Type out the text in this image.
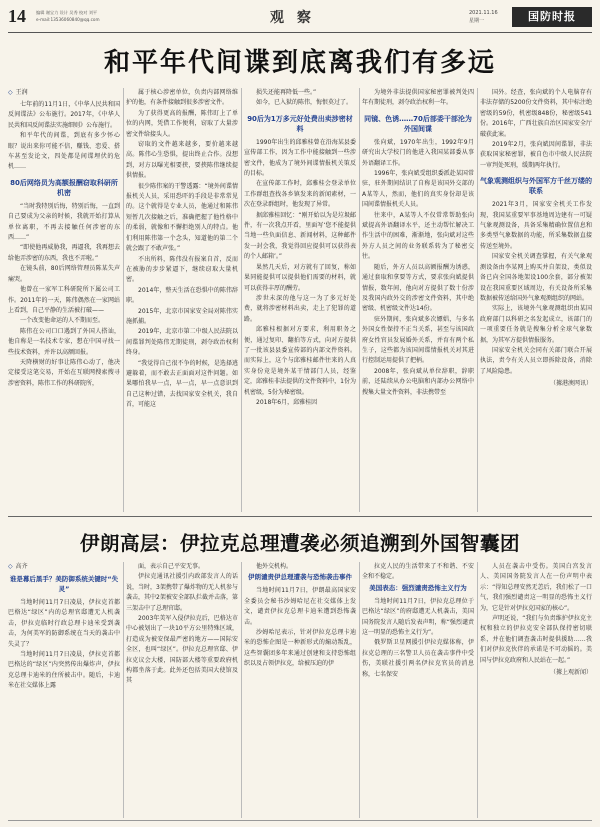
14 编辑 谢宝力 设计 吴秀 校对 刘平
e-mail:13536060840@qq.com	观 察	2021.11.16
星期一	国防时报
和平年代间谍到底离我们有多远
◇ 王润
七年前的11月1日，《中华人民共和国反间谍法》公布施行。2017年，《中华人民共和国反间谍法实施细则》公布施行。
和平年代的间谍，到底有多少怀心眼？说出来你可能不信，赚钱、恋爱、搭车甚至发论文，四处都是间谍埋伏的危机……
80后网络员为高额报酬窃取科研所机密
“当时我特别后悔，特别后悔，一直到自己要成为父亲的时候，我就开始打算从单位离职，不再去接触任何涉密的东西……”
“即使他再威胁我，再逼我，我再想去给他弄涉密的东西，我也不弄啦。”
在镜头前，80后网络管理员陈某失声痛哭。
他曾在一家军工科研院所下属公司工作。2011年的一天，陈伟偶然在一家网站上看到，自己平静的生活被打破——
一个改变他命运的人不期而至。
陈伟在公司口口遇到了外国人搭讪，他自称是一名技术专家，想在中国寻找一些技术资料，并许以高额回报。
天降横财的好事让陈伟心动了，他决定接受这笔交易，开始在互联网搜索搜寻涉密资料，陈伟工作的科研院所，
属于核心涉密单位，负责内部网络维护的他，有条件接触到很多涉密文件。
为了获得更高的报酬，陈伟盯上了单位的内网，凭借工作便利，窃取了大量涉密文件给接头人。
窃取的文件越来越多，要价越来越高。陈伟心生恐惧，提出终止合作。没想到，对方以曝光相要挟，要挟陈伟继续提供情报。
很少陈伟案的干警透露：“境外间谍情报机关人员，采用恐吓的手段是非常常见的。这个就得是专业人员，他通过和陈伟短暂几次接触之后，准确把握了他性格中的柔弱，就像和不懈拒绝别人的特点。他们利用陈伟第一个念头，知道他的第二个就会跟了不敢声张。”
不出所料，陈伟没有报案自首，反而在被胁的步步紧逼下，继续窃取大量机密。
2014年，整天生活在恐惧中的陈伟辞职。
2015年，北京市国家安全局对陈伟实施抓捕。
2019年，北京市第二中级人民法院以间谍罪判处陈伟无期徒刑，剥夺政治权利终身。
“我觉得自己很不争的时候，是选择逃避躲着，而不敢去正面面对这件问题。如果哪怕我早一点，早一点，早一点意识到自己这种过错，去找国家安全机关，我自首，可能这
损失还能再降低一些。”
如今，已入狱的陈伟，悔恨莫过了。
90后为1万多元好处费出卖涉密材料
1990年出生的邱雅桂曾在沿海某县委宣传部工作，因为工作中能接触到一些涉密文件，他成为了境外间谍情报机关策反的目标。
在宣传部工作时，邱雅桂会登录单位工作群组查找各乡镇发来的新闻素材，一次在登录群组时，他发现了异常。
据邱雅桂回忆：“刚开始以为是垃圾邮件，有一次我点开看，里面写‘您不能提供当地一些负面信息、新闻材料，这种邮件发一封会我，我觉得回应提供可以获得表的个人邮箱’。”
果然几天后，对方就有了回复，称如果同能提供可以提供他们需要的材料，就可以获得丰厚的酬劳。
涉世未深的他与这一为了多元好处费，就将涉密材料出卖，走上了犯罪的道路。
邱雅桂根据对方要求，利用职务之便，通过复印、翻拍等方式，向对方提供了一批该县县委宣传部的内部文件资料。而实际上，这个与邱雅桂邮件往来的人真实身份竟是境外某干情部门人员，经鉴定，邱雅桂非法提供的文件资料中，1份为机密级，5份为秘密级。
2018年6月，邱雅桂因
为境外非法提供国家秘密罪被判处四年有期徒刑，剥夺政治权利一年。
同镜、色诱……70后部委干部沦为外国间谍
张向斌，1970年出生，1992年9月研究出大学校门的他进入我国某部委从事外语翻译工作。
1996年，张向斌受组织委派赴某国常驻，驻外期间结识了自称是该国外交部的A某等人，然而，他们的真实身份却是该国间谍情报机关人员。
往来中，A某等人不仅常常帮助张向斌提高外语翻译水平，还主动帮忙解决工作生活中的困难，渐渐地，张向斌对这些外方人员之间的业务联系转为了秘密交往。
随后，外方人员以高额报酬为诱惑，通过套取和拿要等方式，要求张向斌提供情报，数年间，他向对方提供了数十份涉及我国内政外交的涉密文件资料，其中绝密级、机密级文件达14份。
驻外期间，张向斌多次嫖娼，与多名外国女性保持不正当关系，甚至与该国政府女性官员发展婚外关系，并育有两个私生子，这些都为该国间谍情报机关对其进行控制运用提供了把柄。
2008年，张向斌从单位辞职，辞职前，还陆续从办公电脑和内部办公网络中搜集大量文件资料，非法携带至
国外。经查，张向斌的个人电脑存有非法存储的5200份文件资料，其中标注绝密级的59份，机密级848份，秘密级541份。2016年，广西壮族自治区国家安全厅破获此案。
2019年2月，张向斌因间谍罪，非法获取国家秘密罪，被自色市中级人民法院一审判处死刑，缓期两年执行。
气象观测组织与外国军方千丝万缕的联系
2021年3月，国家安全机关工作发现，我国某重要军事基地周边建有一可疑气象观测设备，具备采集精确位置信息和多类型气象数据的功能，所采集数据直接传送至境外。
国家安全机关调查掌握，有关气象观测设备由李某网上购买并自架设，类似设备已向全国各地架设100余套，部分被架设在我国重要区域周边，有关设备所采集数据被传送给国外气象观测组织的网站。
实际上，该境外气象观测组织由某国政府部门以科研之名发起成立，该部门的一项重要任务就是搜集分析全球气象数据，为其军方提供情报服务。
国家安全机关会同有关部门联合开展执法，责令有关人员立即拆除设备，消除了风险隐患。
（據港澳网讯）
伊朗高层：伊拉克总理遭袭必须追溯到外国智囊团
◇ 高齐
谁是幕后黑手？美防御系统关键时“失灵”
当地时间11月7日凌晨，伊拉克首都巴格达“绿区”内的总理官邸遭无人机袭击，伊拉克临时行政总理卡迪米受到袭击，为何美军的防御系统在当天的袭击中失灵了？
当地时间11月7日凌晨，伊拉克首都巴格达的“绿区”内突然传出爆炸声，伊拉克总理卡迪米的住所被击中。随后，卡迪米在社交媒体上露
面，表示自己平安无事。
伊拉克通讯社援引内政部发言人的话说，当时，3架携带了爆炸物的无人机参与袭击，其中2架被安全部队拦截并击落，第三架击中了总理官邸。
2003年美军入侵伊拉克后，巴格达市中心被划出了一块10平方公里特殊区域，打造成为被安保最严密的地方——国际安全区，也叫“绿区”。伊拉克总理官邸、伊拉克议会大楼，国防部大楼等重要政府机构都坐落于此。此外还包括美国大使馆及其
他外交机构。
伊朗谴责伊总理遭袭与恐怖袭击事件
当地时间11月7日，伊朗最高国家安全委员会秘书沙姆哈尼在社交媒体上发文，谴责伊拉克总理卡迪米遭到恐怖袭击。
沙姆哈尼表示，针对伊拉克总理卡迪米的恐怖企图是一种新形式的煽动叛乱，这些智囊团多年来通过创建和支持恐怖组织以及占领伊拉克，给被压迫的伊
拉克人民的生活带来了不和谐、不安全和不稳定。
美国表态：强烈谴责恐怖主义行为
当地时间11月7日，伊拉克总理位于巴格达“绿区”的府邸遭无人机袭击，美国国务院发言人随后发表声明，称“强烈谴责这一明显的恐怖主义行为”。
俄罗斯卫星网援引伊拉克媒体称，伊拉克总理的三名警卫人员在袭击事件中受伤，美联社援引两名伊拉克官员的消息称，七名保安
人员在袭击中受伤。美国白宫发言人、美国国务院发言人在一份声明中表示：“得知总理安然无恙后，我们松了一口气，我们强烈谴责这一明显的恐怖主义行为，它是针对伊拉克国家的核心”。
声明还说，“我们与负责维护伊拉克主权和独立的伊拉克安全部队保持密切联系，并在他们调查袭击时提供援助……我们对伊拉克伙伴的承诺是不可动摇的。美国与伊拉克政府和人民站在一起。”
（據上观新闻）
